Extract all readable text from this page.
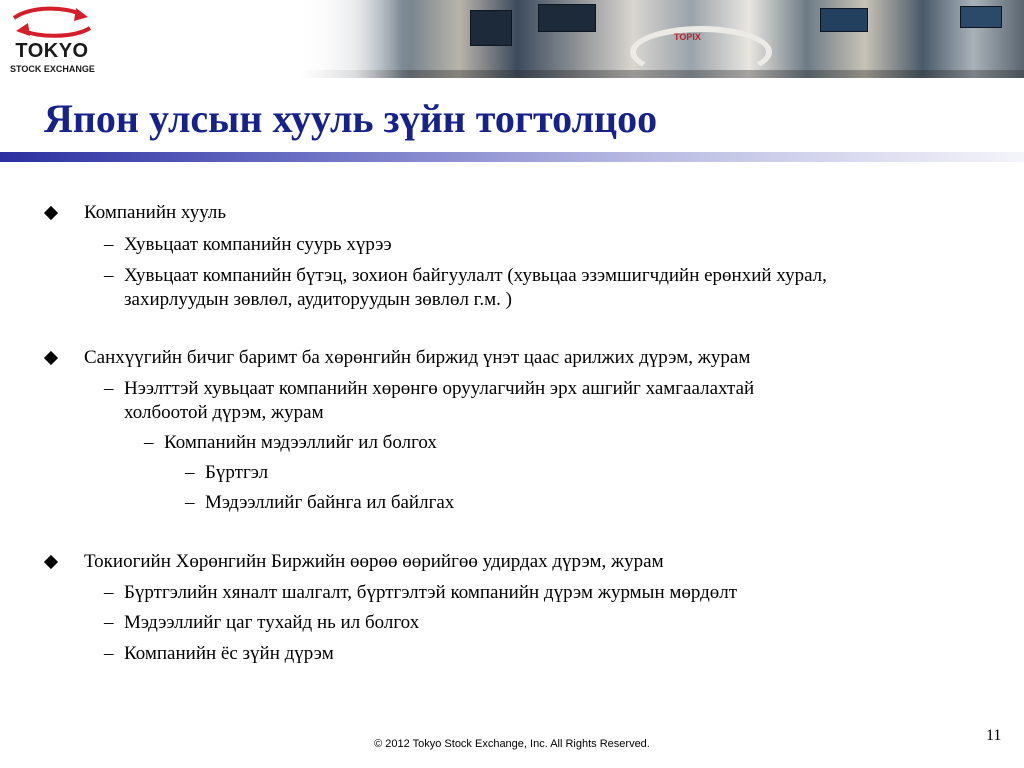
TOPIX
TOKYO
STOCK EXCHANGE
Япон улсын хууль зүйн тогтолцоо
Компанийн хууль
– Хувьцаат компанийн суурь хүрээ
– Хувьцаат компанийн бүтэц, зохион байгуулалт (хувьцаа эзэмшигчдийн ерөнхий хурал,
захирлуудын зөвлөл, аудиторуудын зөвлөл г.м. )
Санхүүгийн бичиг баримт ба хөрөнгийн биржид үнэт цаас арилжих дүрэм, журам
– Нээлттэй хувьцаат компанийн хөрөнгө оруулагчийн эрх ашгийг хамгаалахтай
холбоотой дүрэм, журам
– Компанийн мэдээллийг ил болгох
– Бүртгэл
– Мэдээллийг байнга ил байлгах
Токиогийн Хөрөнгийн Биржийн өөрөө өөрийгөө удирдах дүрэм, журам
– Бүртгэлийн хяналт шалгалт, бүртгэлтэй компанийн дүрэм журмын мөрдөлт
– Мэдээллийг цаг тухайд нь ил болгох
– Компанийн ёс зүйн дүрэм
© 2012 Tokyo Stock Exchange, Inc. All Rights Reserved.	11
